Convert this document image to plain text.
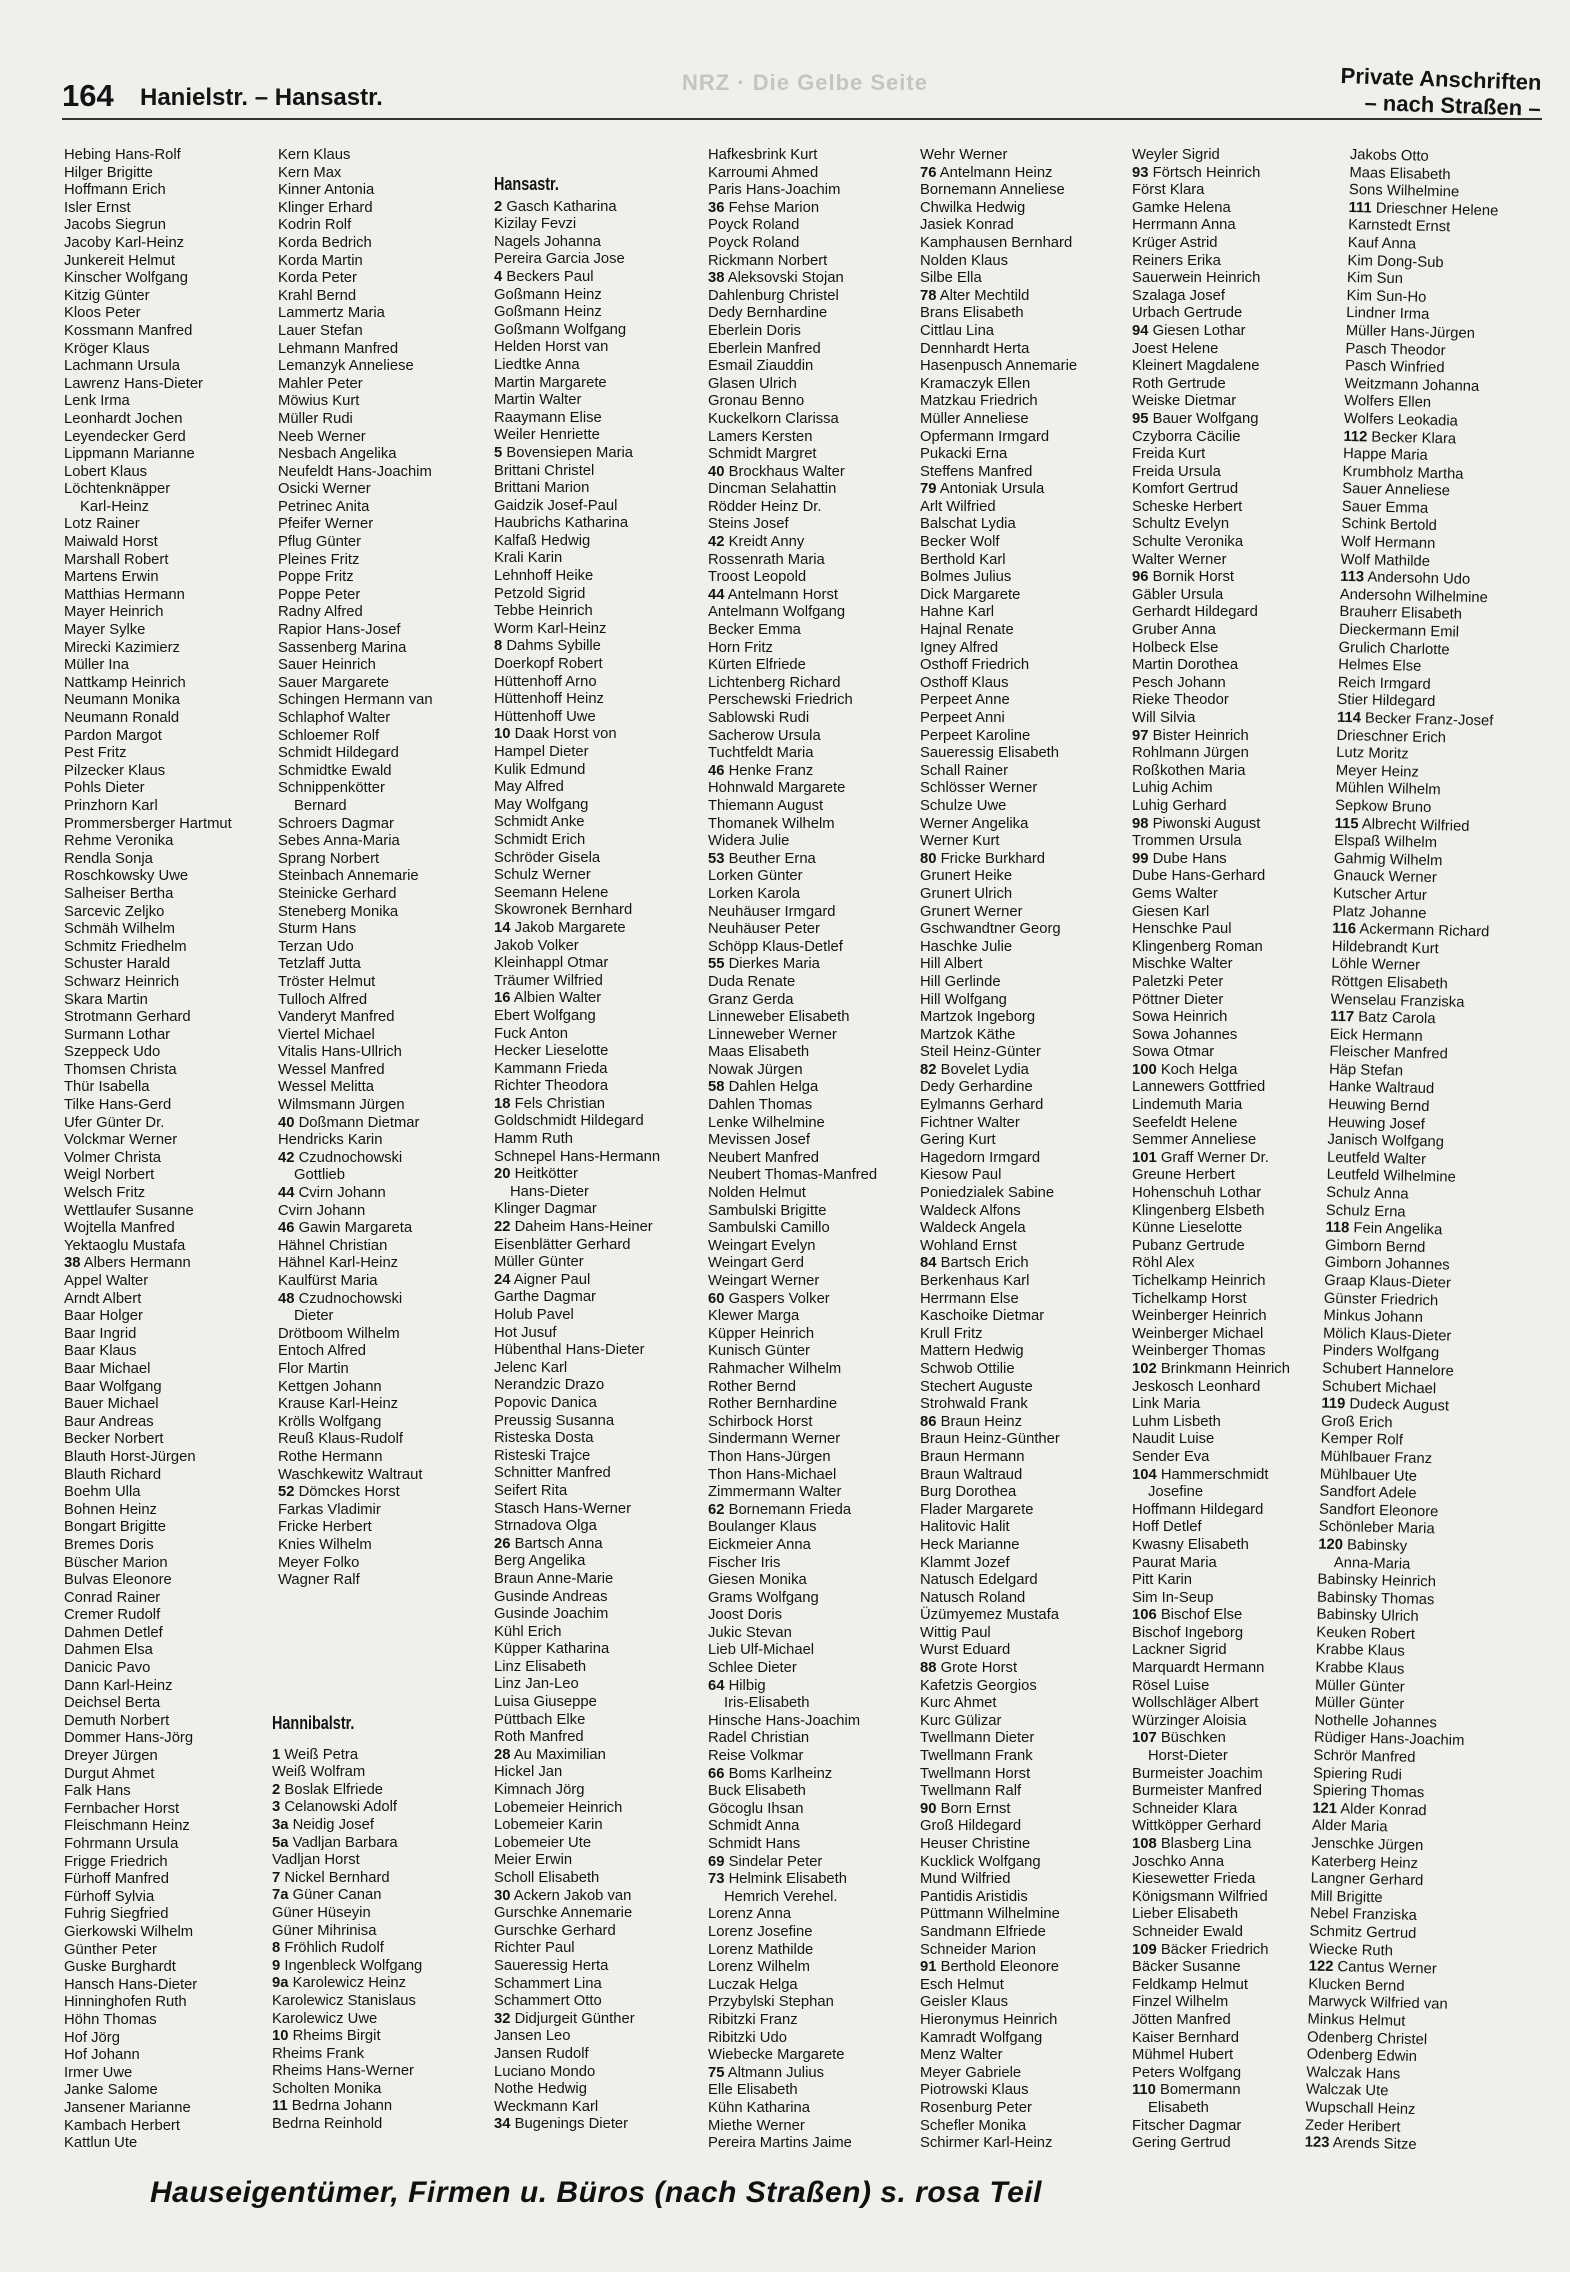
164 Hanielstr. – Hansastr.
NRZ · Die Gelbe Seite	Private Anschriften
– nach Straßen –
Hebing Hans-Rolf
Hilger Brigitte
Hoffmann Erich
Isler Ernst
Jacobs Siegrun
Jacoby Karl-Heinz
Junkereit Helmut
Kinscher Wolfgang
Kitzig Günter
Kloos Peter
Kossmann Manfred
Kröger Klaus
Lachmann Ursula
Lawrenz Hans-Dieter
Lenk Irma
Leonhardt Jochen
Leyendecker Gerd
Lippmann Marianne
Lobert Klaus
Löchtenknäpper
Karl-Heinz
Lotz Rainer
Maiwald Horst
Marshall Robert
Martens Erwin
Matthias Hermann
Mayer Heinrich
Mayer Sylke
Mirecki Kazimierz
Müller Ina
Nattkamp Heinrich
Neumann Monika
Neumann Ronald
Pardon Margot
Pest Fritz
Pilzecker Klaus
Pohls Dieter
Prinzhorn Karl
Prommersberger Hartmut
Rehme Veronika
Rendla Sonja
Roschkowsky Uwe
Salheiser Bertha
Sarcevic Zeljko
Schmäh Wilhelm
Schmitz Friedhelm
Schuster Harald
Schwarz Heinrich
Skara Martin
Strotmann Gerhard
Surmann Lothar
Szeppeck Udo
Thomsen Christa
Thür Isabella
Tilke Hans-Gerd
Ufer Günter Dr.
Volckmar Werner
Volmer Christa
Weigl Norbert
Welsch Fritz
Wettlaufer Susanne
Wojtella Manfred
Yektaoglu Mustafa
38 Albers Hermann
Appel Walter
Arndt Albert
Baar Holger
Baar Ingrid
Baar Klaus
Baar Michael
Baar Wolfgang
Bauer Michael
Baur Andreas
Becker Norbert
Blauth Horst-Jürgen
Blauth Richard
Boehm Ulla
Bohnen Heinz
Bongart Brigitte
Bremes Doris
Büscher Marion
Bulvas Eleonore
Conrad Rainer
Cremer Rudolf
Dahmen Detlef
Dahmen Elsa
Danicic Pavo
Dann Karl-Heinz
Deichsel Berta
Demuth Norbert
Dommer Hans-Jörg
Dreyer Jürgen
Durgut Ahmet
Falk Hans
Fernbacher Horst
Fleischmann Heinz
Fohrmann Ursula
Frigge Friedrich
Fürhoff Manfred
Fürhoff Sylvia
Fuhrig Siegfried
Gierkowski Wilhelm
Günther Peter
Guske Burghardt
Hansch Hans-Dieter
Hinninghofen Ruth
Höhn Thomas
Hof Jörg
Hof Johann
Irmer Uwe
Janke Salome
Jansener Marianne
Kambach Herbert
Kattlun Ute
Kern Klaus
Kern Max
Kinner Antonia
Klinger Erhard
Kodrin Rolf
Korda Bedrich
Korda Martin
Korda Peter
Krahl Bernd
Lammertz Maria
Lauer Stefan
Lehmann Manfred
Lemanzyk Anneliese
Mahler Peter
Möwius Kurt
Müller Rudi
Neeb Werner
Nesbach Angelika
Neufeldt Hans-Joachim
Osicki Werner
Petrinec Anita
Pfeifer Werner
Pflug Günter
Pleines Fritz
Poppe Fritz
Poppe Peter
Radny Alfred
Rapior Hans-Josef
Sassenberg Marina
Sauer Heinrich
Sauer Margarete
Schingen Hermann van
Schlaphof Walter
Schloemer Rolf
Schmidt Hildegard
Schmidtke Ewald
Schnippenkötter
Bernard
Schroers Dagmar
Sebes Anna-Maria
Sprang Norbert
Steinbach Annemarie
Steinicke Gerhard
Steneberg Monika
Sturm Hans
Terzan Udo
Tetzlaff Jutta
Tröster Helmut
Tulloch Alfred
Vanderyt Manfred
Viertel Michael
Vitalis Hans-Ullrich
Wessel Manfred
Wessel Melitta
Wilmsmann Jürgen
40 Doßmann Dietmar
Hendricks Karin
42 Czudnochowski
Gottlieb
44 Cvirn Johann
Cvirn Johann
46 Gawin Margareta
Hähnel Christian
Hähnel Karl-Heinz
Kaulfürst Maria
48 Czudnochowski
Dieter
Drötboom Wilhelm
Entoch Alfred
Flor Martin
Kettgen Johann
Krause Karl-Heinz
Krölls Wolfgang
Reuß Klaus-Rudolf
Rothe Hermann
Waschkewitz Waltraut
52 Dömckes Horst
Farkas Vladimir
Fricke Herbert
Knies Wilhelm
Meyer Folko
Wagner Ralf
Hansastr.
2 Gasch Katharina
Kizilay Fevzi
Nagels Johanna
Pereira Garcia Jose
4 Beckers Paul
Goßmann Heinz
Goßmann Heinz
Goßmann Wolfgang
Helden Horst van
Liedtke Anna
Martin Margarete
Martin Walter
Raaymann Elise
Weiler Henriette
5 Bovensiepen Maria
Brittani Christel
Brittani Marion
Gaidzik Josef-Paul
Haubrichs Katharina
Kalfaß Hedwig
Krali Karin
Lehnhoff Heike
Petzold Sigrid
Tebbe Heinrich
Worm Karl-Heinz
8 Dahms Sybille
Doerkopf Robert
Hüttenhoff Arno
Hüttenhoff Heinz
Hüttenhoff Uwe
10 Daak Horst von
Hampel Dieter
Kulik Edmund
May Alfred
May Wolfgang
Schmidt Anke
Schmidt Erich
Schröder Gisela
Schulz Werner
Seemann Helene
Skowronek Bernhard
14 Jakob Margarete
Jakob Volker
Kleinhappl Otmar
Träumer Wilfried
16 Albien Walter
Ebert Wolfgang
Fuck Anton
Hecker Lieselotte
Kammann Frieda
Richter Theodora
18 Fels Christian
Goldschmidt Hildegard
Hamm Ruth
Schnepel Hans-Hermann
20 Heitkötter
Hans-Dieter
Klinger Dagmar
22 Daheim Hans-Heiner
Eisenblätter Gerhard
Müller Günter
24 Aigner Paul
Garthe Dagmar
Holub Pavel
Hot Jusuf
Hübenthal Hans-Dieter
Jelenc Karl
Nerandzic Drazo
Popovic Danica
Preussig Susanna
Risteska Dosta
Risteski Trajce
Schnitter Manfred
Seifert Rita
Stasch Hans-Werner
Strnadova Olga
26 Bartsch Anna
Berg Angelika
Braun Anne-Marie
Gusinde Andreas
Gusinde Joachim
Kühl Erich
Küpper Katharina
Linz Elisabeth
Linz Jan-Leo
Luisa Giuseppe
Püttbach Elke
Roth Manfred
28 Au Maximilian
Hickel Jan
Kimnach Jörg
Lobemeier Heinrich
Lobemeier Karin
Lobemeier Ute
Meier Erwin
Scholl Elisabeth
30 Ackern Jakob van
Gurschke Annemarie
Gurschke Gerhard
Richter Paul
Saueressig Herta
Schammert Lina
Schammert Otto
32 Didjurgeit Günther
Jansen Leo
Jansen Rudolf
Luciano Mondo
Nothe Hedwig
Weckmann Karl
34 Bugenings Dieter
Hafkesbrink Kurt
Karroumi Ahmed
Paris Hans-Joachim
36 Fehse Marion
Poyck Roland
Poyck Roland
Rickmann Norbert
38 Aleksovski Stojan
Dahlenburg Christel
Dedy Bernhardine
Eberlein Doris
Eberlein Manfred
Esmail Ziauddin
Glasen Ulrich
Gronau Benno
Kuckelkorn Clarissa
Lamers Kersten
Schmidt Margret
40 Brockhaus Walter
Dincman Selahattin
Rödder Heinz Dr.
Steins Josef
42 Kreidt Anny
Rossenrath Maria
Troost Leopold
44 Antelmann Horst
Antelmann Wolfgang
Becker Emma
Horn Fritz
Kürten Elfriede
Lichtenberg Richard
Perschewski Friedrich
Sablowski Rudi
Sacherow Ursula
Tuchtfeldt Maria
46 Henke Franz
Hohnwald Margarete
Thiemann August
Thomanek Wilhelm
Widera Julie
53 Beuther Erna
Lorken Günter
Lorken Karola
Neuhäuser Irmgard
Neuhäuser Peter
Schöpp Klaus-Detlef
55 Dierkes Maria
Duda Renate
Granz Gerda
Linneweber Elisabeth
Linneweber Werner
Maas Elisabeth
Nowak Jürgen
58 Dahlen Helga
Dahlen Thomas
Lenke Wilhelmine
Mevissen Josef
Neubert Manfred
Neubert Thomas-Manfred
Nolden Helmut
Sambulski Brigitte
Sambulski Camillo
Weingart Evelyn
Weingart Gerd
Weingart Werner
60 Gaspers Volker
Klewer Marga
Küpper Heinrich
Kunisch Günter
Rahmacher Wilhelm
Rother Bernd
Rother Bernhardine
Schirbock Horst
Sindermann Werner
Thon Hans-Jürgen
Thon Hans-Michael
Zimmermann Walter
62 Bornemann Frieda
Boulanger Klaus
Eickmeier Anna
Fischer Iris
Giesen Monika
Grams Wolfgang
Joost Doris
Jukic Stevan
Lieb Ulf-Michael
Schlee Dieter
64 Hilbig
Iris-Elisabeth
Hinsche Hans-Joachim
Radel Christian
Reise Volkmar
66 Boms Karlheinz
Buck Elisabeth
Göcoglu Ihsan
Schmidt Anna
Schmidt Hans
69 Sindelar Peter
73 Helmink Elisabeth
Hemrich Verehel.
Lorenz Anna
Lorenz Josefine
Lorenz Mathilde
Lorenz Wilhelm
Luczak Helga
Przybylski Stephan
Ribitzki Franz
Ribitzki Udo
Wiebecke Margarete
75 Altmann Julius
Elle Elisabeth
Kühn Katharina
Miethe Werner
Pereira Martins Jaime
Wehr Werner
76 Antelmann Heinz
Bornemann Anneliese
Chwilka Hedwig
Jasiek Konrad
Kamphausen Bernhard
Nolden Klaus
Silbe Ella
78 Alter Mechtild
Brans Elisabeth
Cittlau Lina
Dennhardt Herta
Hasenpusch Annemarie
Kramaczyk Ellen
Matzkau Friedrich
Müller Anneliese
Opfermann Irmgard
Pukacki Erna
Steffens Manfred
79 Antoniak Ursula
Arlt Wilfried
Balschat Lydia
Becker Wolf
Berthold Karl
Bolmes Julius
Dick Margarete
Hahne Karl
Hajnal Renate
Igney Alfred
Osthoff Friedrich
Osthoff Klaus
Perpeet Anne
Perpeet Anni
Perpeet Karoline
Saueressig Elisabeth
Schall Rainer
Schlösser Werner
Schulze Uwe
Werner Angelika
Werner Kurt
80 Fricke Burkhard
Grunert Heike
Grunert Ulrich
Grunert Werner
Gschwandtner Georg
Haschke Julie
Hill Albert
Hill Gerlinde
Hill Wolfgang
Martzok Ingeborg
Martzok Käthe
Steil Heinz-Günter
82 Bovelet Lydia
Dedy Gerhardine
Eylmanns Gerhard
Fichtner Walter
Gering Kurt
Hagedorn Irmgard
Kiesow Paul
Poniedzialek Sabine
Waldeck Alfons
Waldeck Angela
Wohland Ernst
84 Bartsch Erich
Berkenhaus Karl
Herrmann Else
Kaschoike Dietmar
Krull Fritz
Mattern Hedwig
Schwob Ottilie
Stechert Auguste
Strohwald Frank
86 Braun Heinz
Braun Heinz-Günther
Braun Hermann
Braun Waltraud
Burg Dorothea
Flader Margarete
Halitovic Halit
Heck Marianne
Klammt Jozef
Natusch Edelgard
Natusch Roland
Üzümyemez Mustafa
Wittig Paul
Wurst Eduard
88 Grote Horst
Kafetzis Georgios
Kurc Ahmet
Kurc Gülizar
Twellmann Dieter
Twellmann Frank
Twellmann Horst
Twellmann Ralf
90 Born Ernst
Groß Hildegard
Heuser Christine
Kucklick Wolfgang
Mund Wilfried
Pantidis Aristidis
Püttmann Wilhelmine
Sandmann Elfriede
Schneider Marion
91 Berthold Eleonore
Esch Helmut
Geisler Klaus
Hieronymus Heinrich
Kamradt Wolfgang
Menz Walter
Meyer Gabriele
Piotrowski Klaus
Rosenburg Peter
Schefler Monika
Schirmer Karl-Heinz
Weyler Sigrid
93 Förtsch Heinrich
Först Klara
Gamke Helena
Herrmann Anna
Krüger Astrid
Reiners Erika
Sauerwein Heinrich
Szalaga Josef
Urbach Gertrude
94 Giesen Lothar
Joest Helene
Kleinert Magdalene
Roth Gertrude
Weiske Dietmar
95 Bauer Wolfgang
Czyborra Cäcilie
Freida Kurt
Freida Ursula
Komfort Gertrud
Scheske Herbert
Schultz Evelyn
Schulte Veronika
Walter Werner
96 Bornik Horst
Gäbler Ursula
Gerhardt Hildegard
Gruber Anna
Holbeck Else
Martin Dorothea
Pesch Johann
Rieke Theodor
Will Silvia
97 Bister Heinrich
Rohlmann Jürgen
Roßkothen Maria
Luhig Achim
Luhig Gerhard
98 Piwonski August
Trommen Ursula
99 Dube Hans
Dube Hans-Gerhard
Gems Walter
Giesen Karl
Henschke Paul
Klingenberg Roman
Mischke Walter
Paletzki Peter
Pöttner Dieter
Sowa Heinrich
Sowa Johannes
Sowa Otmar
100 Koch Helga
Lannewers Gottfried
Lindemuth Maria
Seefeldt Helene
Semmer Anneliese
101 Graff Werner Dr.
Greune Herbert
Hohenschuh Lothar
Klingenberg Elsbeth
Künne Lieselotte
Pubanz Gertrude
Röhl Alex
Tichelkamp Heinrich
Tichelkamp Horst
Weinberger Heinrich
Weinberger Michael
Weinberger Thomas
102 Brinkmann Heinrich
Jeskosch Leonhard
Link Maria
Luhm Lisbeth
Naudit Luise
Sender Eva
104 Hammerschmidt
Josefine
Hoffmann Hildegard
Hoff Detlef
Kwasny Elisabeth
Paurat Maria
Pitt Karin
Sim In-Seup
106 Bischof Else
Bischof Ingeborg
Lackner Sigrid
Marquardt Hermann
Rösel Luise
Wollschläger Albert
Würzinger Aloisia
107 Büschken
Horst-Dieter
Burmeister Joachim
Burmeister Manfred
Schneider Klara
Wittköpper Gerhard
108 Blasberg Lina
Joschko Anna
Kiesewetter Frieda
Königsmann Wilfried
Lieber Elisabeth
Schneider Ewald
109 Bäcker Friedrich
Bäcker Susanne
Feldkamp Helmut
Finzel Wilhelm
Jötten Manfred
Kaiser Bernhard
Mühmel Hubert
Peters Wolfgang
110 Bomermann
Elisabeth
Fitscher Dagmar
Gering Gertrud
Jakobs Otto
Maas Elisabeth
Sons Wilhelmine
111 Drieschner Helene
Karnstedt Ernst
Kauf Anna
Kim Dong-Sub
Kim Sun
Kim Sun-Ho
Lindner Irma
Müller Hans-Jürgen
Pasch Theodor
Pasch Winfried
Weitzmann Johanna
Wolfers Ellen
Wolfers Leokadia
112 Becker Klara
Happe Maria
Krumbholz Martha
Sauer Anneliese
Sauer Emma
Schink Bertold
Wolf Hermann
Wolf Mathilde
113 Andersohn Udo
Andersohn Wilhelmine
Brauherr Elisabeth
Dieckermann Emil
Grulich Charlotte
Helmes Else
Reich Irmgard
Stier Hildegard
114 Becker Franz-Josef
Drieschner Erich
Lutz Moritz
Meyer Heinz
Mühlen Wilhelm
Sepkow Bruno
115 Albrecht Wilfried
Elspaß Wilhelm
Gahmig Wilhelm
Gnauck Werner
Kutscher Artur
Platz Johanne
116 Ackermann Richard
Hildebrandt Kurt
Löhle Werner
Röttgen Elisabeth
Wenselau Franziska
117 Batz Carola
Eick Hermann
Fleischer Manfred
Häp Stefan
Hanke Waltraud
Heuwing Bernd
Heuwing Josef
Janisch Wolfgang
Leutfeld Walter
Leutfeld Wilhelmine
Schulz Anna
Schulz Erna
118 Fein Angelika
Gimborn Bernd
Gimborn Johannes
Graap Klaus-Dieter
Günster Friedrich
Minkus Johann
Mölich Klaus-Dieter
Pinders Wolfgang
Schubert Hannelore
Schubert Michael
119 Dudeck August
Groß Erich
Kemper Rolf
Mühlbauer Franz
Mühlbauer Ute
Sandfort Adele
Sandfort Eleonore
Schönleber Maria
120 Babinsky
Anna-Maria
Babinsky Heinrich
Babinsky Thomas
Babinsky Ulrich
Keuken Robert
Krabbe Klaus
Krabbe Klaus
Müller Günter
Müller Günter
Nothelle Johannes
Rüdiger Hans-Joachim
Schrör Manfred
Spiering Rudi
Spiering Thomas
121 Alder Konrad
Alder Maria
Jenschke Jürgen
Katerberg Heinz
Langner Gerhard
Mill Brigitte
Nebel Franziska
Schmitz Gertrud
Wiecke Ruth
122 Cantus Werner
Klucken Bernd
Marwyck Wilfried van
Minkus Helmut
Odenberg Christel
Odenberg Edwin
Walczak Hans
Walczak Ute
Wupschall Heinz
Zeder Heribert
123 Arends Sitze
Hannibalstr.
1 Weiß Petra
Weiß Wolfram
2 Boslak Elfriede
3 Celanowski Adolf
3a Neidig Josef
5a Vadljan Barbara
Vadljan Horst
7 Nickel Bernhard
7a Güner Canan
Güner Hüseyin
Güner Mihrinisa
8 Fröhlich Rudolf
9 Ingenbleck Wolfgang
9a Karolewicz Heinz
Karolewicz Stanislaus
Karolewicz Uwe
10 Rheims Birgit
Rheims Frank
Rheims Hans-Werner
Scholten Monika
11 Bedrna Johann
Bedrna Reinhold
Hauseigentümer, Firmen u. Büros (nach Straßen) s. rosa Teil
